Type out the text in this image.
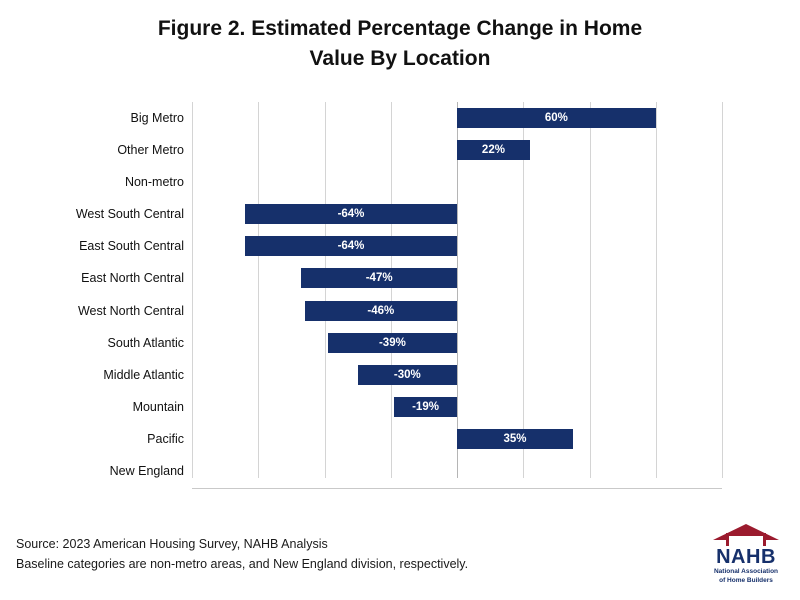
Figure 2. Estimated Percentage Change in Home
Value By Location
Big Metro	60%
Other Metro	22%
Non-metro
West South Central	-64%
East South Central	-64%
East North Central	-47%
West North Central	-46%
South Atlantic	-39%
Middle Atlantic	-30%
Mountain	-19%
Pacific	35%
New England
Source: 2023 American Housing Survey, NAHB Analysis
Baseline categories are non-metro areas, and New England division, respectively.	NAHB
National Association
of Home Builders
